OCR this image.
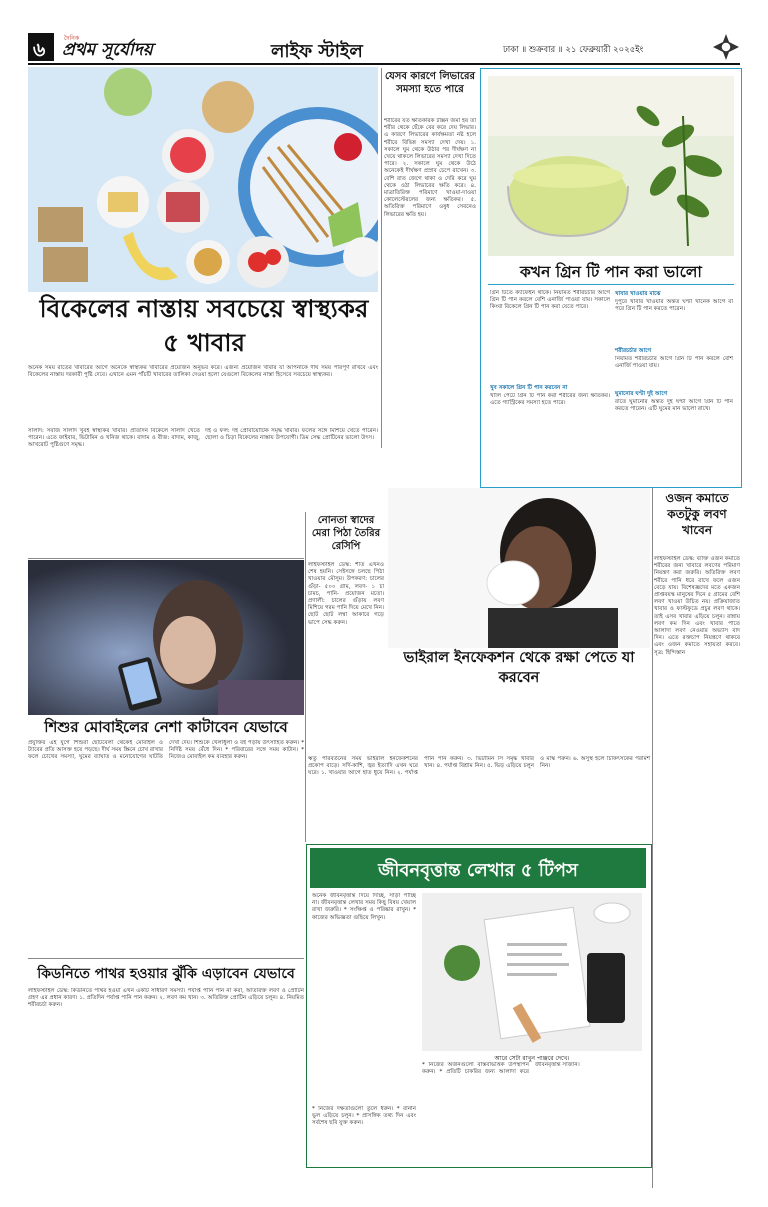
৬
দৈনিক
প্রথম সূর্যোদয়	লাইফ স্টাইল	ঢাকা ॥ শুক্রবার ॥ ২১ ফেব্রুয়ারী ২০২৫ইং
বিকেলের নাস্তায় সবচেয়ে স্বাস্থ্যকর ৫ খাবার
অনেক সময় রাতের খাবারের আগে অনেকে স্বাস্থ্যকর খাবারের প্রয়োজন অনুভব করে। এজন্য প্রয়োজন খাবার যা আপনাকে দীর্ঘ সময় পরিপূর্ণ রাখবে এবং বিকেলের নাস্তায় দরকারী পুষ্টি দেবে। এখানে এমন পাঁচটি খাবারের তালিকা দেওয়া হলো যেগুলো বিকেলের নাস্তা হিসেবে সবচেয়ে স্বাস্থ্যকর।
সালাদ: সবজি সালাদ খুবই স্বাস্থ্যকর খাবার। প্রতিদিন বিকেলে সালাদ খেতে পারেন। এতে ফাইবার, ভিটামিন ও খনিজ থাকে। বাদাম ও বীজ: বাদাম, কাজু, আখরোট পুষ্টিগুণে সমৃদ্ধ।
দই ও ফল: দই প্রোবায়োটিক সমৃদ্ধ খাবার। ফলের সঙ্গে মিশিয়ে খেতে পারেন। ছোলা ও চিড়া বিকেলের নাস্তায় উপযোগী। ডিম সেদ্ধ প্রোটিনের ভালো উৎস।
যেসব কারণে লিভারের সমস্যা হতে পারে
শরীরের যত ক্ষতিকারক টক্সিন জমা হয় তা শরীর থেকে ছেঁকে বের করে দেয় লিভার। এ কারণে লিভারের কার্যক্ষমতা নষ্ট হলে শরীরে বিভিন্ন সমস্যা দেখা দেয়। ১. সকালে ঘুম থেকে উঠার পর দীর্ঘক্ষণ না খেয়ে থাকলে লিভারের সমস্যা দেখা দিতে পারে। ২. সকালে ঘুম থেকে উঠে অনেকেই দীর্ঘক্ষণ প্রস্রাব চেপে রাখেন। ৩. বেশি রাত জেগে থাকা ও দেরি করে ঘুম থেকে ওঠা লিভারের ক্ষতি করে। ৪. মাত্রাতিরিক্ত পরিমাণে খাওয়া-দাওয়া কোলেস্টেরলের জন্য ক্ষতিকর। ৫. অতিরিক্ত পরিমাণে ওষুধ সেবনেও লিভারের ক্ষতি হয়।
কখন গ্রিন টি পান করা ভালো
গ্রিন টিতে ক্যাফেইন থাকে। নিয়মিত শরীরচর্চার আগে গ্রিন টি পান করলে বেশি এনার্জি পাওয়া যায়। সকালে কিংবা বিকেলে গ্রিন টি পান করা যেতে পারে।
খুব সকালে গ্রিন টি পান করবেন না
খালি পেটে গ্রিন টি পান করা শরীরের জন্য ক্ষতিকর। এতে গ্যাস্ট্রিকের সমস্যা হতে পারে।
খাবার খাওয়ার মাঝে
দুপুরে খাবার খাওয়ার অন্তত ঘণ্টা খানেক আগে বা পরে গ্রিন টি পান করতে পারেন।
শরীরচর্চার আগে
নিয়মিত শরীরচর্চার আগে গ্রিন টি পান করলে বেশি এনার্জি পাওয়া যায়।
ঘুমানোর ঘণ্টা দুই আগে
রাতে ঘুমানোর অন্তত দুই ঘণ্টা আগে গ্রিন টি পান করতে পারেন। এটি ঘুমের মান ভালো রাখে।
শিশুর মোবাইলের নেশা কাটাবেন যেভাবে
প্রযুক্তির এই যুগে শিশুরা ছোটবেলা থেকেই মোবাইল ও ট্যাবের প্রতি আসক্ত হয়ে পড়ছে। দীর্ঘ সময় স্ক্রিনে চোখ রাখার ফলে চোখের সমস্যা, ঘুমের ব্যাঘাত ও মনোযোগের ঘাটতি দেখা দেয়। শিশুকে খেলাধুলা ও বই পড়ায় উৎসাহিত করুন। * নির্দিষ্ট সময় বেঁধে দিন। * পরিবারের সঙ্গে সময় কাটান। * নিজেও মোবাইল কম ব্যবহার করুন।
নোনতা স্বাদের মেরা পিঠা তৈরির রেসিপি
লাইফস্টাইল ডেস্ক: শীত এখনও শেষ হয়নি। সেইসঙ্গে চলছে পিঠা খাওয়ার মৌসুম। উপকরণ: চালের গুঁড়া- ৫০০ গ্রাম, লবণ- ১ চা চামচ, পানি- প্রয়োজন মতো। প্রণালী: চালের গুঁড়ায় লবণ মিশিয়ে গরম পানি দিয়ে মেখে নিন। ছোট ছোট লম্বা আকারে গড়ে ভাপে সেদ্ধ করুন।
ভাইরাল ইনফেকশন থেকে রক্ষা পেতে যা করবেন
ঋতু পরিবর্তনের সময় ভাইরাল ইনফেকশনের প্রকোপ বাড়ে। সর্দি-কাশি, জ্বর ইত্যাদি এখন ঘরে ঘরে। ১. খাওয়ার আগে হাত ধুয়ে নিন। ২. পর্যাপ্ত পানি পান করুন। ৩. ভিটামিন সি সমৃদ্ধ খাবার খান। ৪. পর্যাপ্ত বিশ্রাম নিন। ৫. ভিড় এড়িয়ে চলুন ও মাস্ক পরুন। ৬. অসুস্থ হলে চিকিৎসকের পরামর্শ নিন।
ওজন কমাতে কতটুকু লবণ খাবেন
লাইফস্টাইল ডেস্ক: ব্যক্তি ওজন কমাতে শরীরের জন্য খাবারে লবণের পরিমাণ নিয়ন্ত্রণ করা জরুরি। অতিরিক্ত লবণ শরীরে পানি ধরে রাখে ফলে ওজন বেড়ে যায়। বিশেষজ্ঞদের মতে একজন প্রাপ্তবয়স্ক মানুষের দিনে ৫ গ্রামের বেশি লবণ খাওয়া উচিত নয়। প্রক্রিয়াজাত খাবার ও ফাস্টফুডে প্রচুর লবণ থাকে। তাই এসব খাবার এড়িয়ে চলুন। রান্নায় লবণ কম দিন এবং খাবার পাতে আলাদা লবণ নেওয়ার অভ্যাস বাদ দিন। এতে রক্তচাপ নিয়ন্ত্রণে থাকবে এবং ওজন কমাতে সহায়তা করবে। সূত্র: হিন্দিস্তান
জীবনবৃত্তান্ত লেখার ৫ টিপস
অনেক জীবনবৃত্তান্ত দিয়ে দিচ্ছি, সাড়া পাচ্ছি না। জীবনবৃত্তান্ত লেখার সময় কিছু বিষয় খেয়াল রাখা জরুরি। * সংক্ষিপ্ত ও পরিষ্কার রাখুন। * কাজের অভিজ্ঞতা গুছিয়ে লিখুন।
আরে সেটা রাখুন পাঞ্জরে দেখে।
* নিজের দক্ষতাগুলো তুলে ধরুন। * বানান ভুল এড়িয়ে চলুন। * প্রাসঙ্গিক তথ্য দিন এবং সর্বশেষ ছবি যুক্ত করুন।
* নিজের অর্জনগুলো বাস্তবভিত্তিক উপস্থাপন করুন। * প্রতিটি চাকরির জন্য আলাদা করে জীবনবৃত্তান্ত সাজান।
কিডনিতে পাথর হওয়ার ঝুঁকি এড়াবেন যেভাবে
লাইফস্টাইল ডেস্ক: কিডনিতে পাথর হওয়া এখন একটি সাধারণ সমস্যা। পর্যাপ্ত পানি পান না করা, অতিরিক্ত লবণ ও প্রোটিন গ্রহণ এর প্রধান কারণ। ১. প্রতিদিন পর্যাপ্ত পানি পান করুন। ২. লবণ কম খান। ৩. অতিরিক্ত প্রোটিন এড়িয়ে চলুন। ৪. নিয়মিত শরীরচর্চা করুন।
